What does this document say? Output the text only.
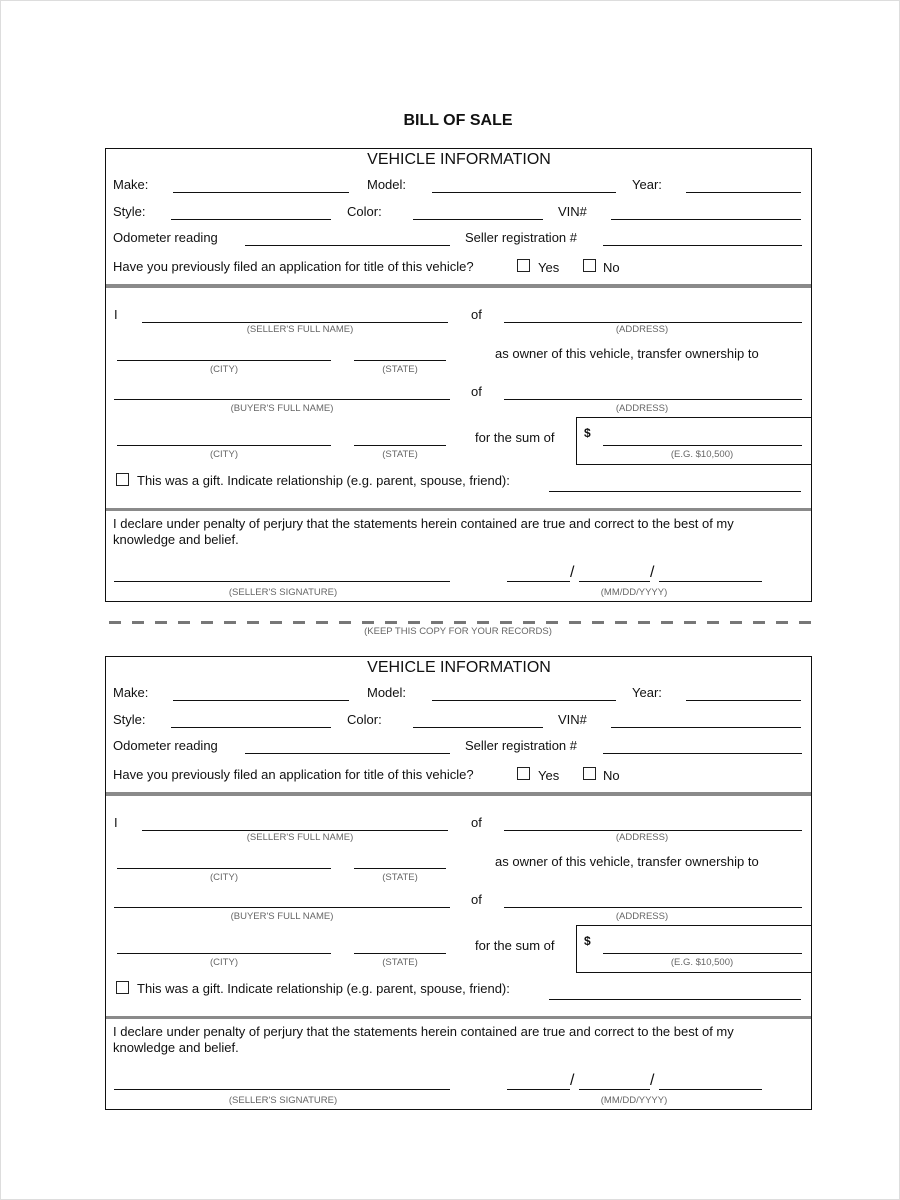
BILL OF SALE
VEHICLE INFORMATION
Make:	Model:	Year:
Style:	Color:	VIN#
Odometer reading	Seller registration #
Have you previously filed an application for title of this vehicle?	Yes	No
I
(SELLER'S FULL NAME)
of
(ADDRESS)
(CITY)	(STATE)
as owner of this vehicle, transfer ownership to
(BUYER'S FULL NAME)
of
(ADDRESS)
(CITY)	(STATE)
for the sum of $
(E.G. $10,500)
This was a gift. Indicate relationship (e.g. parent, spouse, friend):
I declare under penalty of perjury that the statements herein contained are true and correct to the best of my
knowledge and belief.
(SELLER'S SIGNATURE)
/	/
(MM/DD/YYYY)
(KEEP THIS COPY FOR YOUR RECORDS)
VEHICLE INFORMATION
Make:	Model:	Year:
Style:	Color:	VIN#
Odometer reading	Seller registration #
Have you previously filed an application for title of this vehicle?	Yes	No
I
(SELLER'S FULL NAME)
of
(ADDRESS)
(CITY)	(STATE)
as owner of this vehicle, transfer ownership to
(BUYER'S FULL NAME)
of
(ADDRESS)
(CITY)	(STATE)
for the sum of $
(E.G. $10,500)
This was a gift. Indicate relationship (e.g. parent, spouse, friend):
I declare under penalty of perjury that the statements herein contained are true and correct to the best of my
knowledge and belief.
(SELLER'S SIGNATURE)
/	/
(MM/DD/YYYY)
